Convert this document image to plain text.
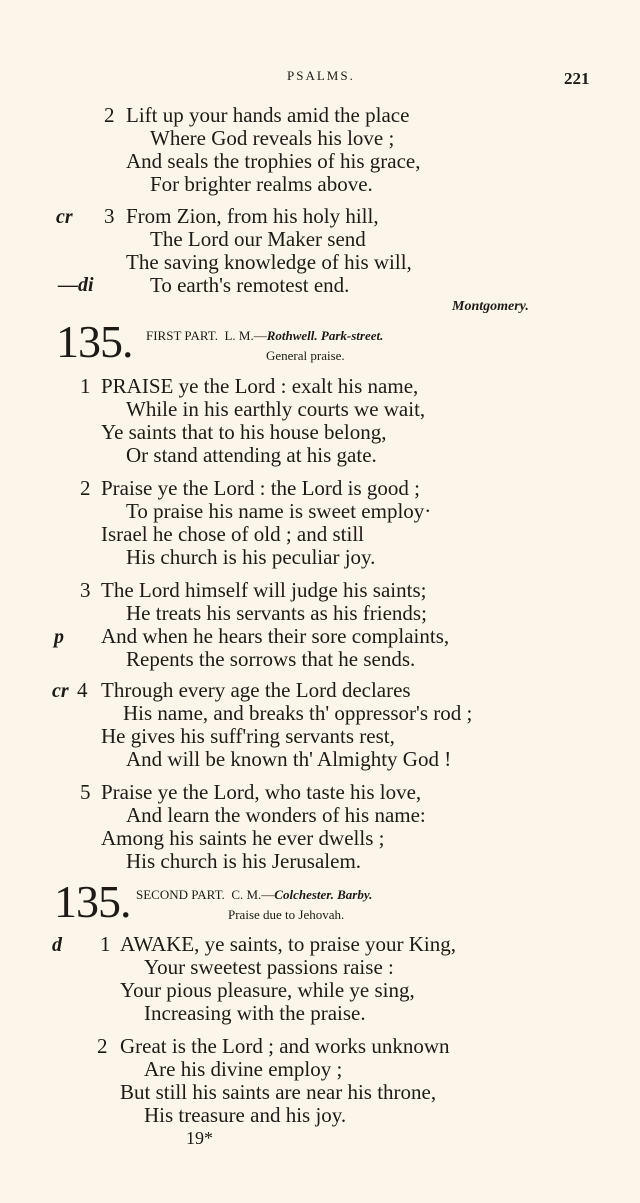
PSALMS.	221
2 Lift up your hands amid the place
Where God reveals his love ;
And seals the trophies of his grace,
For brighter realms above.
cr 3 From Zion, from his holy hill,
The Lord our Maker send
The saving knowledge of his will,
—di	To earth's remotest end.
Montgomery.
135. FIRST PART. L. M.—Rothwell. Park-street.
General praise.
1 PRAISE ye the Lord : exalt his name,
While in his earthly courts we wait,
Ye saints that to his house belong,
Or stand attending at his gate.
2 Praise ye the Lord : the Lord is good ;
To praise his name is sweet employ·
Israel he chose of old ; and still
His church is his peculiar joy.
3 The Lord himself will judge his saints;
He treats his servants as his friends;
p And when he hears their sore complaints,
Repents the sorrows that he sends.
cr 4 Through every age the Lord declares
His name, and breaks th' oppressor's rod ;
He gives his suff'ring servants rest,
And will be known th' Almighty God !
5 Praise ye the Lord, who taste his love,
And learn the wonders of his name:
Among his saints he ever dwells ;
His church is his Jerusalem.
135. SECOND PART. C. M.—Colchester. Barby.
Praise due to Jehovah.
d 1 AWAKE, ye saints, to praise your King,
Your sweetest passions raise :
Your pious pleasure, while ye sing,
Increasing with the praise.
2 Great is the Lord ; and works unknown
Are his divine employ ;
But still his saints are near his throne,
His treasure and his joy.
19*
